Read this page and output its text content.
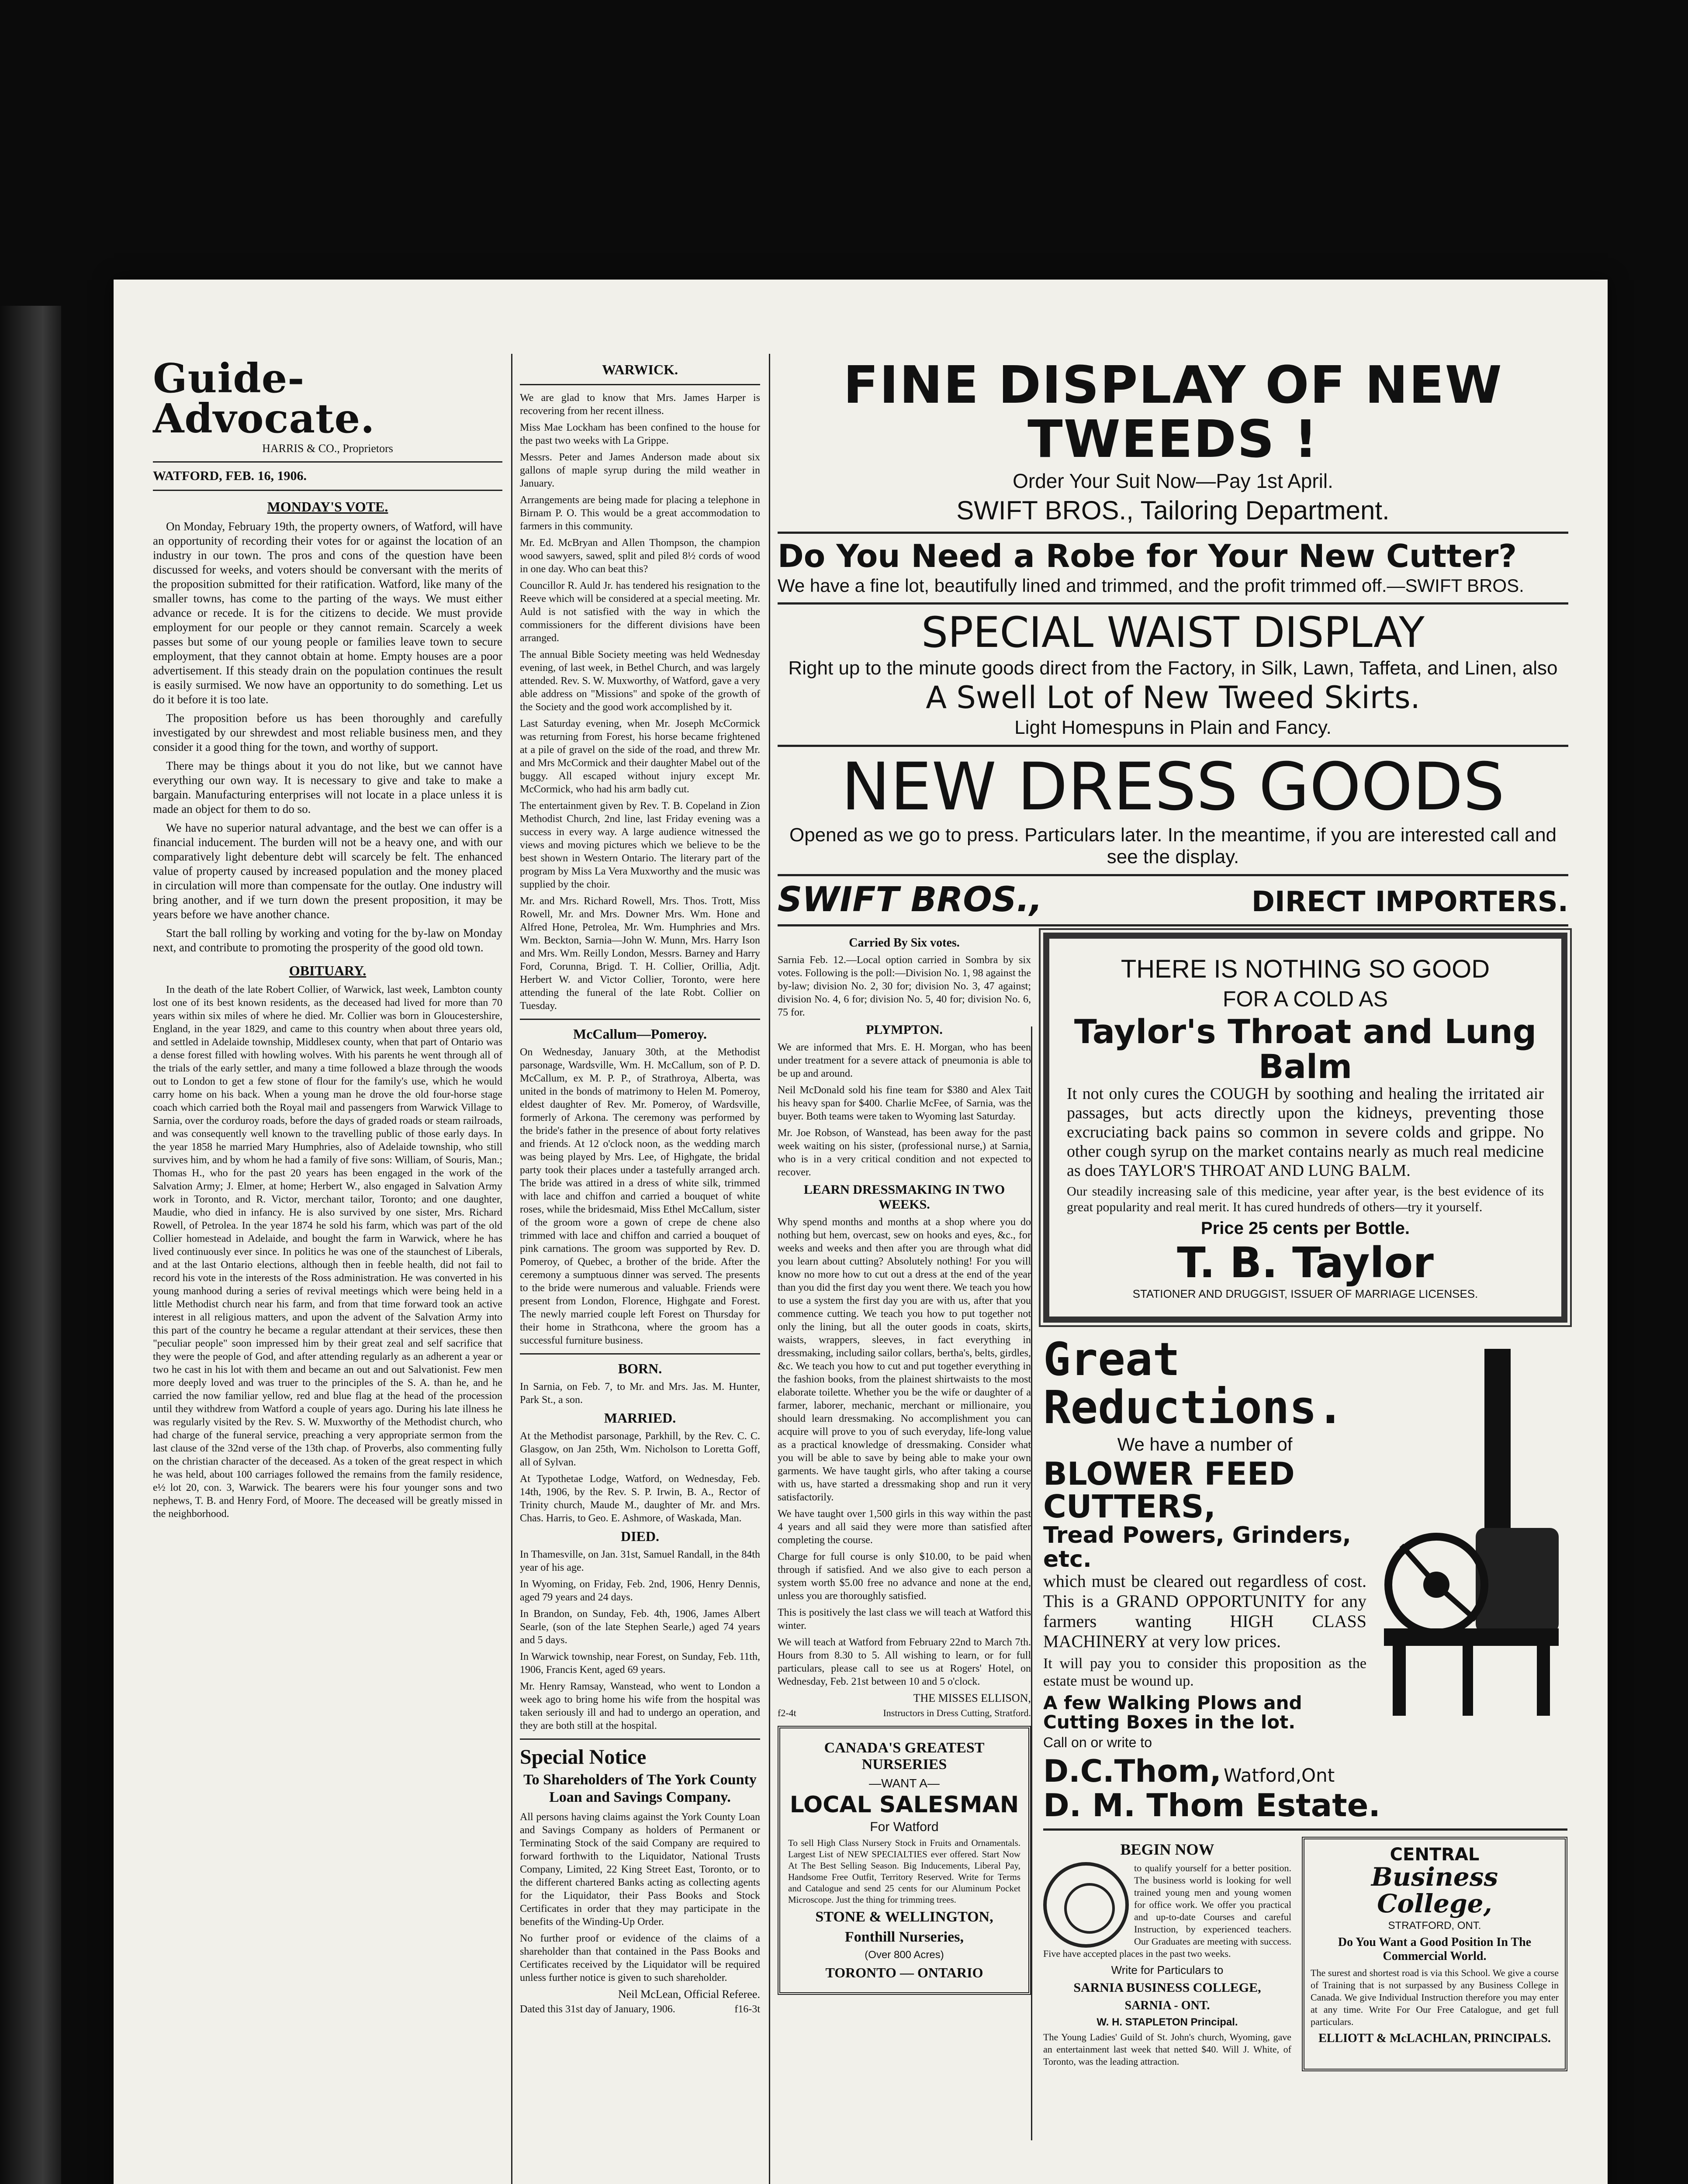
Guide-Advocate.
HARRIS & CO., Proprietors
WATFORD, FEB. 16, 1906.
MONDAY'S VOTE.

On Monday, February 19th, the property owners, of Watford, will have an opportunity of recording their votes for or against the location of an industry in our town. The pros and cons of the question have been discussed for weeks, and voters should be conversant with the merits of the proposition submitted for their ratification. Watford, like many of the smaller towns, has come to the parting of the ways. We must either advance or recede. It is for the citizens to decide. We must provide employment for our people or they cannot remain. Scarcely a week passes but some of our young people or families leave town to secure employment, that they cannot obtain at home. Empty houses are a poor advertisement. If this steady drain on the population continues the result is easily surmised. We now have an opportunity to do something. Let us do it before it is too late.

The proposition before us has been thoroughly and carefully investigated by our shrewdest and most reliable business men, and they consider it a good thing for the town, and worthy of support.

There may be things about it you do not like, but we cannot have everything our own way. It is necessary to give and take to make a bargain. Manufacturing enterprises will not locate in a place unless it is made an object for them to do so.

We have no superior natural advantage, and the best we can offer is a financial inducement. The burden will not be a heavy one, and with our comparatively light debenture debt will scarcely be felt. The enhanced value of property caused by increased population and the money placed in circulation will more than compensate for the outlay. One industry will bring another, and if we turn down the present proposition, it may be years before we have another chance.

Start the ball rolling by working and voting for the by-law on Monday next, and contribute to promoting the prosperity of the good old town.

OBITUARY.

In the death of the late Robert Collier, of Warwick, last week, Lambton county lost one of its best known residents, as the deceased had lived for more than 70 years within six miles of where he died. Mr. Collier was born in Gloucestershire, England, in the year 1829, and came to this country when about three years old, and settled in Adelaide township, Middlesex county, when that part of Ontario was a dense forest filled with howling wolves. With his parents he went through all of the trials of the early settler, and many a time followed a blaze through the woods out to London to get a few stone of flour for the family's use, which he would carry home on his back. When a young man he drove the old four-horse stage coach which carried both the Royal mail and passengers from Warwick Village to Sarnia, over the corduroy roads, before the days of graded roads or steam railroads, and was consequently well known to the travelling public of those early days. In the year 1858 he married Mary Humphries, also of Adelaide township, who still survives him, and by whom he had a family of five sons: William, of Souris, Man.; Thomas H., who for the past 20 years has been engaged in the work of the Salvation Army; J. Elmer, at home; Herbert W., also engaged in Salvation Army work in Toronto, and R. Victor, merchant tailor, Toronto; and one daughter, Maudie, who died in infancy. He is also survived by one sister, Mrs. Richard Rowell, of Petrolea. In the year 1874 he sold his farm, which was part of the old Collier homestead in Adelaide, and bought the farm in Warwick, where he has lived continuously ever since. In politics he was one of the staunchest of Liberals, and at the last Ontario elections, although then in feeble health, did not fail to record his vote in the interests of the Ross administration. He was converted in his young manhood during a series of revival meetings which were being held in a little Methodist church near his farm, and from that time forward took an active interest in all religious matters, and upon the advent of the Salvation Army into this part of the country he became a regular attendant at their services, these then "peculiar people" soon impressed him by their great zeal and self sacrifice that they were the people of God, and after attending regularly as an adherent a year or two he cast in his lot with them and became an out and out Salvationist. Few men more deeply loved and was truer to the principles of the S. A. than he, and he carried the now familiar yellow, red and blue flag at the head of the procession until they withdrew from Watford a couple of years ago. During his late illness he was regularly visited by the Rev. S. W. Muxworthy of the Methodist church, who had charge of the funeral service, preaching a very appropriate sermon from the last clause of the 32nd verse of the 13th chap. of Proverbs, also commenting fully on the christian character of the deceased. As a token of the great respect in which he was held, about 100 carriages followed the remains from the family residence, e½ lot 20, con. 3, Warwick. The bearers were his four younger sons and two nephews, T. B. and Henry Ford, of Moore. The deceased will be greatly missed in the neighborhood.

WARWICK.

We are glad to know that Mrs. James Harper is recovering from her recent illness.

Miss Mae Lockham has been confined to the house for the past two weeks with La Grippe.

Messrs. Peter and James Anderson made about six gallons of maple syrup during the mild weather in January.

Arrangements are being made for placing a telephone in Birnam P. O. This would be a great accommodation to farmers in this community.

Mr. Ed. McBryan and Allen Thompson, the champion wood sawyers, sawed, split and piled 8½ cords of wood in one day. Who can beat this?

Councillor R. Auld Jr. has tendered his resignation to the Reeve which will be considered at a special meeting. Mr. Auld is not satisfied with the way in which the commissioners for the different divisions have been arranged.

The annual Bible Society meeting was held Wednesday evening, of last week, in Bethel Church, and was largely attended. Rev. S. W. Muxworthy, of Watford, gave a very able address on "Missions" and spoke of the growth of the Society and the good work accomplished by it.

Last Saturday evening, when Mr. Joseph McCormick was returning from Forest, his horse became frightened at a pile of gravel on the side of the road, and threw Mr. and Mrs McCormick and their daughter Mabel out of the buggy. All escaped without injury except Mr. McCormick, who had his arm badly cut.

The entertainment given by Rev. T. B. Copeland in Zion Methodist Church, 2nd line, last Friday evening was a success in every way. A large audience witnessed the views and moving pictures which we believe to be the best shown in Western Ontario. The literary part of the program by Miss La Vera Muxworthy and the music was supplied by the choir.

Mr. and Mrs. Richard Rowell, Mrs. Thos. Trott, Miss Rowell, Mr. and Mrs. Downer Mrs. Wm. Hone and Alfred Hone, Petrolea, Mr. Wm. Humphries and Mrs. Wm. Beckton, Sarnia—John W. Munn, Mrs. Harry Ison and Mrs. Wm. Reilly London, Messrs. Barney and Harry Ford, Corunna, Brigd. T. H. Collier, Orillia, Adjt. Herbert W. and Victor Collier, Toronto, were here attending the funeral of the late Robt. Collier on Tuesday.

McCallum—Pomeroy.

On Wednesday, January 30th, at the Methodist parsonage, Wardsville, Wm. H. McCallum, son of P. D. McCallum, ex M. P. P., of Strathroya, Alberta, was united in the bonds of matrimony to Helen M. Pomeroy, eldest daughter of Rev. Mr. Pomeroy, of Wardsville, formerly of Arkona. The ceremony was performed by the bride's father in the presence of about forty relatives and friends. At 12 o'clock noon, as the wedding march was being played by Mrs. Lee, of Highgate, the bridal party took their places under a tastefully arranged arch. The bride was attired in a dress of white silk, trimmed with lace and chiffon and carried a bouquet of white roses, while the bridesmaid, Miss Ethel McCallum, sister of the groom wore a gown of crepe de chene also trimmed with lace and chiffon and carried a bouquet of pink carnations. The groom was supported by Rev. D. Pomeroy, of Quebec, a brother of the bride. After the ceremony a sumptuous dinner was served. The presents to the bride were numerous and valuable. Friends were present from London, Florence, Highgate and Forest. The newly married couple left Forest on Thursday for their home in Strathcona, where the groom has a successful furniture business.

BORN.

In Sarnia, on Feb. 7, to Mr. and Mrs. Jas. M. Hunter, Park St., a son.

MARRIED.

At the Methodist parsonage, Parkhill, by the Rev. C. C. Glasgow, on Jan 25th, Wm. Nicholson to Loretta Goff, all of Sylvan.

At Typothetae Lodge, Watford, on Wednesday, Feb. 14th, 1906, by the Rev. S. P. Irwin, B. A., Rector of Trinity church, Maude M., daughter of Mr. and Mrs. Chas. Harris, to Geo. E. Ashmore, of Waskada, Man.

DIED.

In Thamesville, on Jan. 31st, Samuel Randall, in the 84th year of his age.

In Wyoming, on Friday, Feb. 2nd, 1906, Henry Dennis, aged 79 years and 24 days.

In Brandon, on Sunday, Feb. 4th, 1906, James Albert Searle, (son of the late Stephen Searle,) aged 74 years and 5 days.

In Warwick township, near Forest, on Sunday, Feb. 11th, 1906, Francis Kent, aged 69 years.

Mr. Henry Ramsay, Wanstead, who went to London a week ago to bring home his wife from the hospital was taken seriously ill and had to undergo an operation, and they are both still at the hospital.

Special Notice
To Shareholders of The York County Loan and Savings Company.

All persons having claims against the York County Loan and Savings Company as holders of Permanent or Terminating Stock of the said Company are required to forward forthwith to the Liquidator, National Trusts Company, Limited, 22 King Street East, Toronto, or to the different chartered Banks acting as collecting agents for the Liquidator, their Pass Books and Stock Certificates in order that they may participate in the benefits of the Winding-Up Order.

No further proof or evidence of the claims of a shareholder than that contained in the Pass Books and Certificates received by the Liquidator will be required unless further notice is given to such shareholder.

Neil McLean, Official Referee.
Dated this 31st day of January, 1906.	f16-3t
FINE DISPLAY OF NEW TWEEDS !
Order Your Suit Now—Pay 1st April.
SWIFT BROS., Tailoring Department.
Do You Need a Robe for Your New Cutter?
We have a fine lot, beautifully lined and trimmed, and the profit trimmed off.—SWIFT BROS.
SPECIAL WAIST DISPLAY
Right up to the minute goods direct from the Factory, in Silk, Lawn, Taffeta, and Linen, also
A Swell Lot of New Tweed Skirts.
Light Homespuns in Plain and Fancy.
NEW DRESS GOODS
Opened as we go to press. Particulars later. In the meantime, if you are interested call and see the display.
SWIFT BROS.,	DIRECT IMPORTERS.
Carried By Six votes.

Sarnia Feb. 12.—Local option carried in Sombra by six votes. Following is the poll:—Division No. 1, 98 against the by-law; division No. 2, 30 for; division No. 3, 47 against; division No. 4, 6 for; division No. 5, 40 for; division No. 6, 75 for.

PLYMPTON.

We are informed that Mrs. E. H. Morgan, who has been under treatment for a severe attack of pneumonia is able to be up and around.

Neil McDonald sold his fine team for $380 and Alex Tait his heavy span for $400. Charlie McFee, of Sarnia, was the buyer. Both teams were taken to Wyoming last Saturday.

Mr. Joe Robson, of Wanstead, has been away for the past week waiting on his sister, (professional nurse,) at Sarnia, who is in a very critical condition and not expected to recover.

LEARN DRESSMAKING IN TWO WEEKS.

Why spend months and months at a shop where you do nothing but hem, overcast, sew on hooks and eyes, &c., for weeks and weeks and then after you are through what did you learn about cutting? Absolutely nothing! For you will know no more how to cut out a dress at the end of the year than you did the first day you went there. We teach you how to use a system the first day you are with us, after that you commence cutting. We teach you how to put together not only the lining, but all the outer goods in coats, skirts, waists, wrappers, sleeves, in fact everything in dressmaking, including sailor collars, bertha's, belts, girdles, &c. We teach you how to cut and put together everything in the fashion books, from the plainest shirtwaists to the most elaborate toilette. Whether you be the wife or daughter of a farmer, laborer, mechanic, merchant or millionaire, you should learn dressmaking. No accomplishment you can acquire will prove to you of such everyday, life-long value as a practical knowledge of dressmaking. Consider what you will be able to save by being able to make your own garments. We have taught girls, who after taking a course with us, have started a dressmaking shop and run it very satisfactorily.

We have taught over 1,500 girls in this way within the past 4 years and all said they were more than satisfied after completing the course.

Charge for full course is only $10.00, to be paid when through if satisfied. And we also give to each person a system worth $5.00 free no advance and none at the end, unless you are thoroughly satisfied.

This is positively the last class we will teach at Watford this winter.

We will teach at Watford from February 22nd to March 7th. Hours from 8.30 to 5. All wishing to learn, or for full particulars, please call to see us at Rogers' Hotel, on Wednesday, Feb. 21st between 10 and 5 o'clock.

THE MISSES ELLISON,
f2-4t	Instructors in Dress Cutting, Stratford.
CANADA'S GREATEST NURSERIES
—WANT A—
LOCAL SALESMAN
For Watford

To sell High Class Nursery Stock in Fruits and Ornamentals. Largest List of NEW SPECIALTIES ever offered. Start Now At The Best Selling Season. Big Inducements, Liberal Pay, Handsome Free Outfit, Territory Reserved. Write for Terms and Catalogue and send 25 cents for our Aluminum Pocket Microscope. Just the thing for trimming trees.

STONE & WELLINGTON,
Fonthill Nurseries,
(Over 800 Acres)
TORONTO — ONTARIO
THERE IS NOTHING SO GOOD
FOR A COLD AS
Taylor's Throat and Lung Balm

It not only cures the COUGH by soothing and healing the irritated air passages, but acts directly upon the kidneys, preventing those excruciating back pains so common in severe colds and grippe. No other cough syrup on the market contains nearly as much real medicine as does TAYLOR'S THROAT AND LUNG BALM.

Our steadily increasing sale of this medicine, year after year, is the best evidence of its great popularity and real merit. It has cured hundreds of others—try it yourself.

Price 25 cents per Bottle.
T. B. Taylor
STATIONER AND DRUGGIST, ISSUER OF MARRIAGE LICENSES.
Great Reductions.
We have a number of
BLOWER FEED CUTTERS,
Tread Powers, Grinders, etc.

which must be cleared out regardless of cost. This is a GRAND OPPORTUNITY for any farmers wanting HIGH CLASS MACHINERY at very low prices.

It will pay you to consider this proposition as the estate must be wound up.

A few Walking Plows and Cutting Boxes in the lot.
Call on or write to
D.C.Thom, Watford,Ont
D. M. Thom Estate.
BEGIN NOW

to qualify yourself for a better position. The business world is looking for well trained young men and young women for office work. We offer you practical and up-to-date Courses and careful Instruction, by experienced teachers. Our Graduates are meeting with success. Five have accepted places in the past two weeks.

Write for Particulars to
SARNIA BUSINESS COLLEGE,
SARNIA - ONT.
W. H. STAPLETON Principal.

The Young Ladies' Guild of St. John's church, Wyoming, gave an entertainment last week that netted $40. Will J. White, of Toronto, was the leading attraction.

CENTRAL
Business College,
STRATFORD, ONT.
Do You Want a Good Position In The Commercial World.

The surest and shortest road is via this School. We give a course of Training that is not surpassed by any Business College in Canada. We give Individual Instruction therefore you may enter at any time. Write For Our Free Catalogue, and get full particulars.

ELLIOTT & McLACHLAN, PRINCIPALS.
